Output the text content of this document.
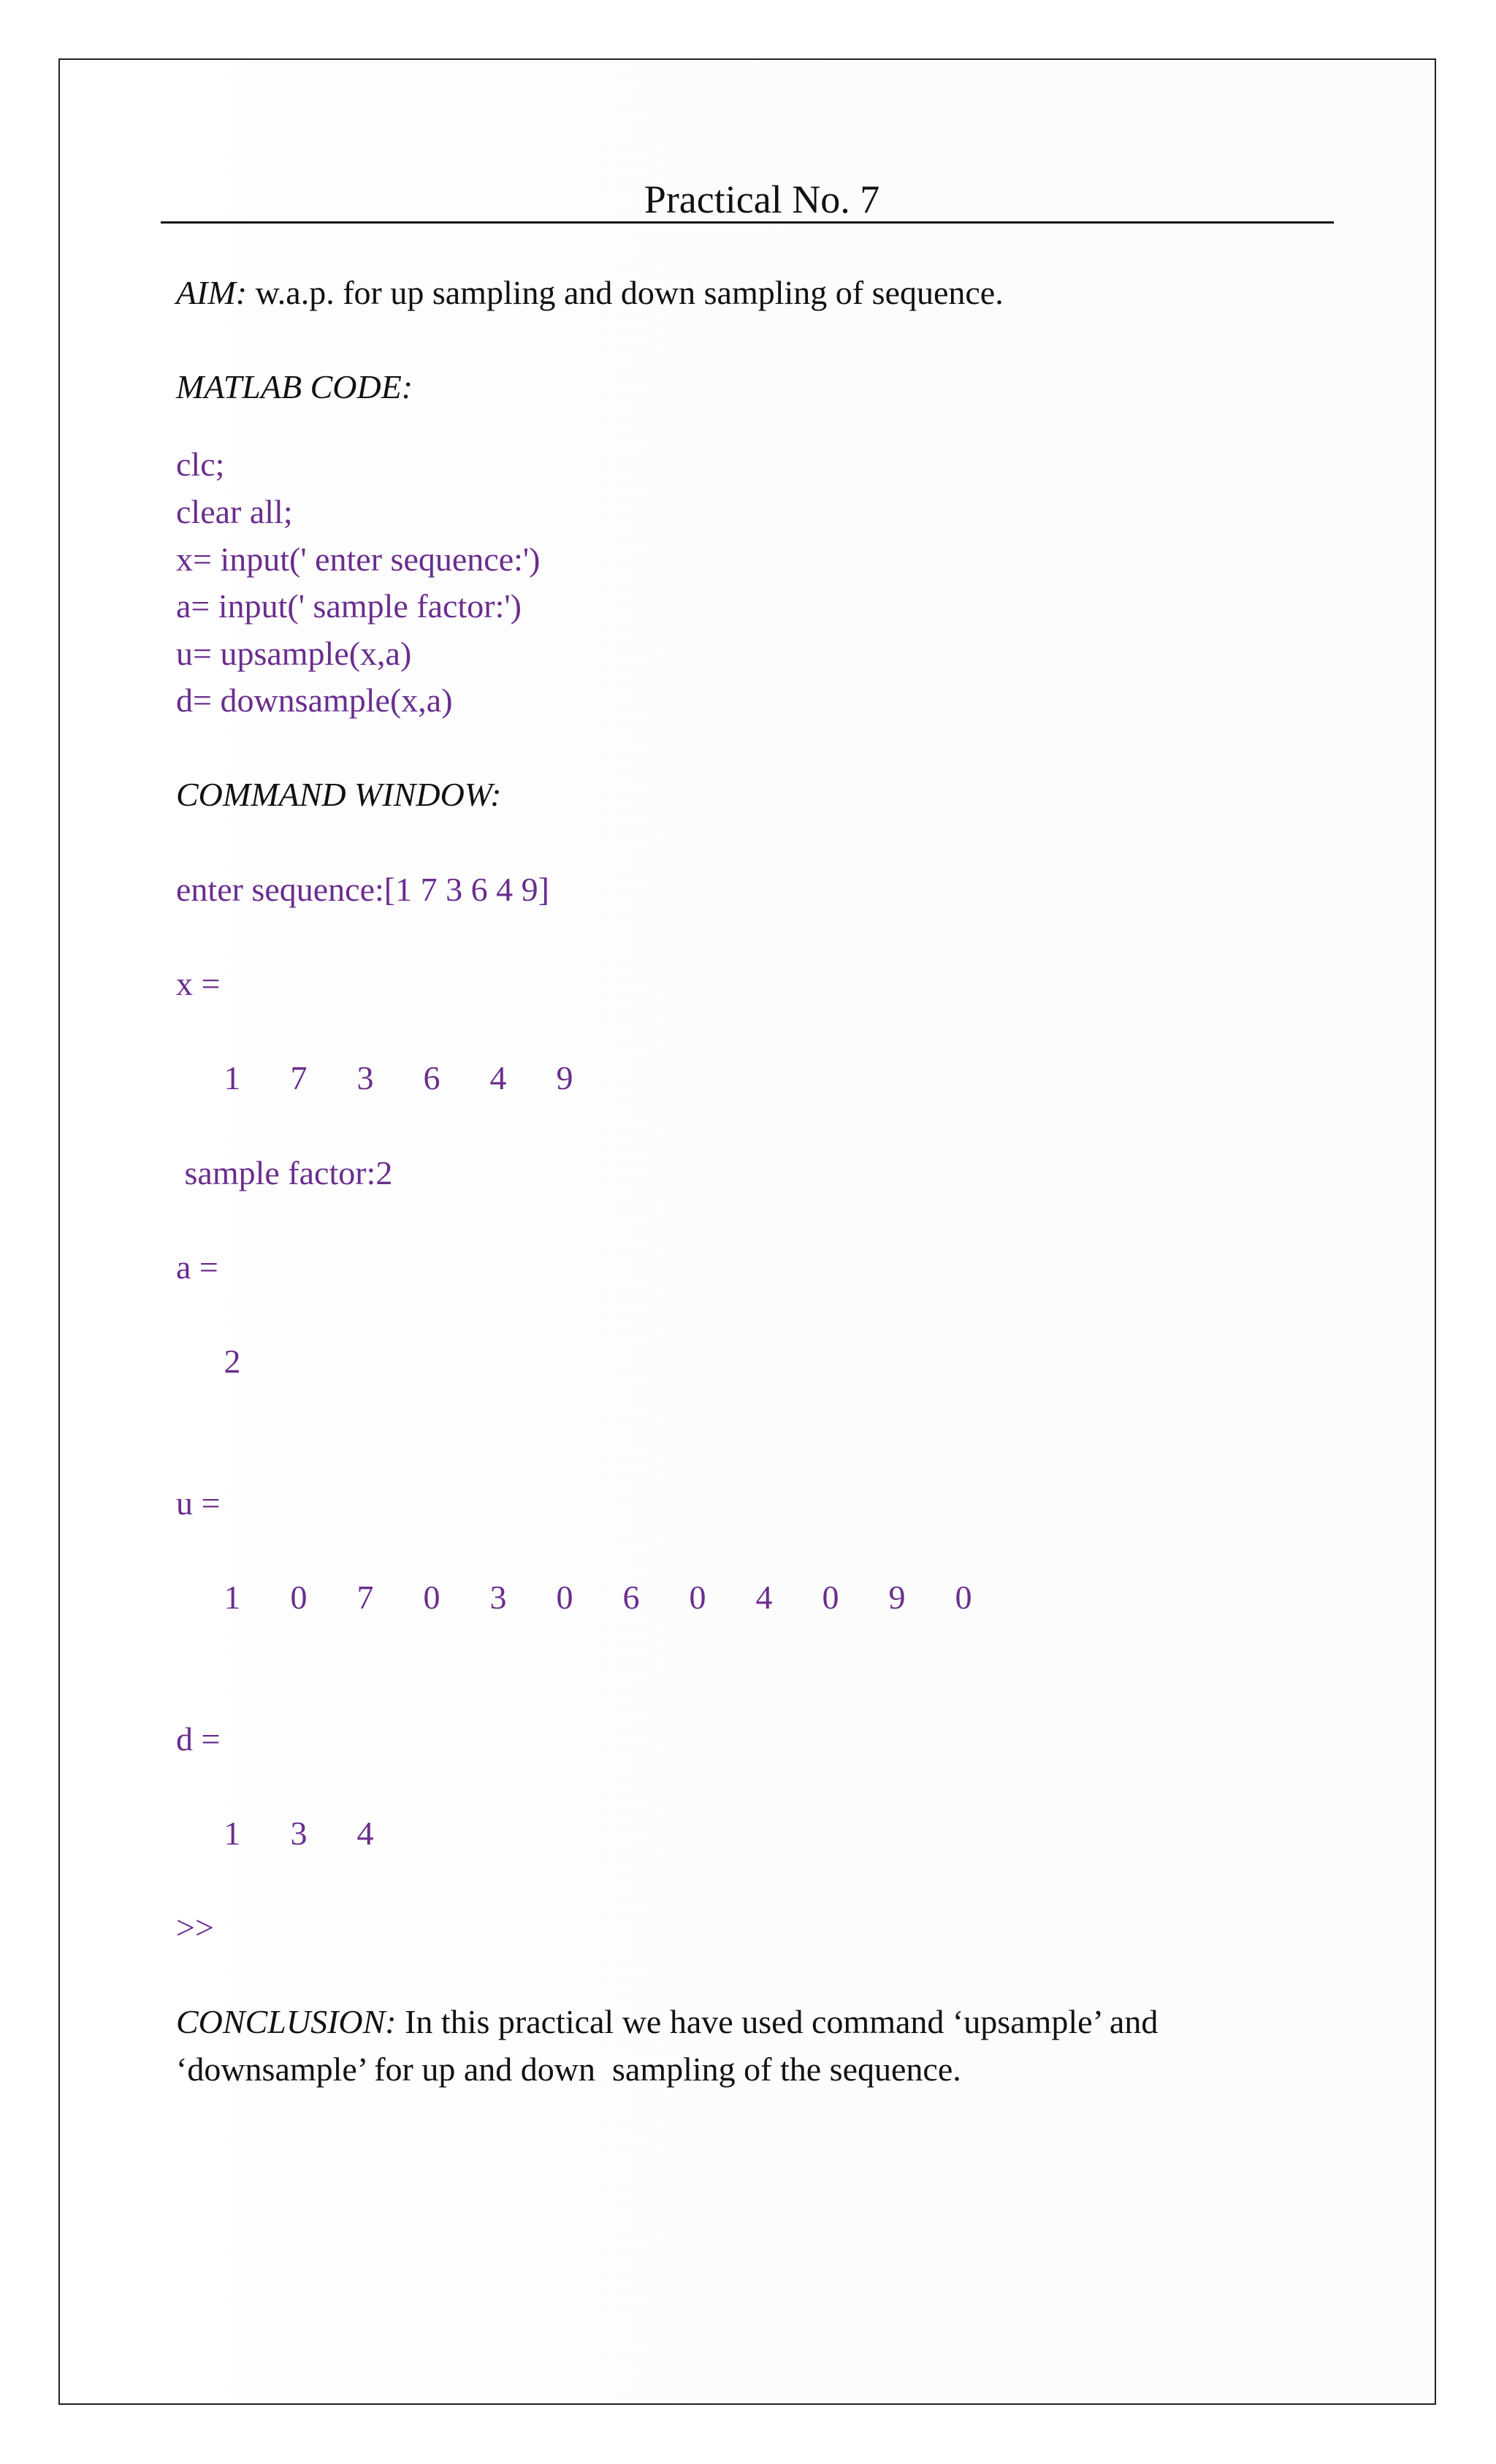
Practical No. 7
AIM: w.a.p. for up sampling and down sampling of sequence.
MATLAB CODE:
clc;
clear all;
x= input(' enter sequence:')
a= input(' sample factor:')
u= upsample(x,a)
d= downsample(x,a)
COMMAND WINDOW:
enter sequence:[1 7 3 6 4 9]
x =
1 7 3 6 4 9
sample factor:2
a =
2
u =
1 0 7 0 3 0 6 0 4 0 9 0
d =
1 3 4
>>
CONCLUSION: In this practical we have used command ‘upsample’ and
‘downsample’ for up and down  sampling of the sequence.
